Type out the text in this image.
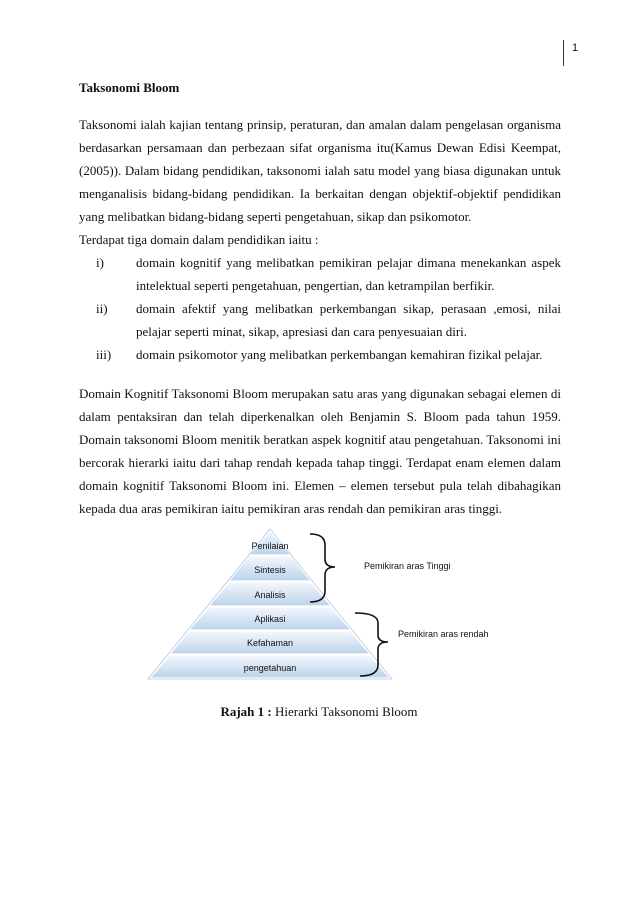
1
Taksonomi Bloom

Taksonomi ialah kajian tentang prinsip, peraturan, dan amalan dalam pengelasan organisma berdasarkan persamaan dan perbezaan sifat organisma itu(Kamus Dewan Edisi Keempat, (2005)). Dalam bidang pendidikan, taksonomi ialah satu model yang biasa digunakan untuk menganalisis bidang-bidang pendidikan. Ia berkaitan dengan objektif-objektif pendidikan yang melibatkan bidang-bidang seperti pengetahuan, sikap dan psikomotor.

Terdapat tiga domain dalam pendidikan iaitu :

i)	domain kognitif yang melibatkan pemikiran pelajar dimana menekankan aspek intelektual seperti pengetahuan, pengertian, dan ketrampilan berfikir.
ii)	domain afektif yang melibatkan perkembangan sikap, perasaan ,emosi, nilai pelajar seperti minat, sikap, apresiasi dan cara penyesuaian diri.
iii)	domain psikomotor yang melibatkan perkembangan kemahiran fizikal pelajar.

Domain Kognitif Taksonomi Bloom merupakan satu aras yang digunakan sebagai elemen di dalam pentaksiran dan telah diperkenalkan oleh Benjamin S. Bloom pada tahun 1959. Domain taksonomi Bloom menitik beratkan aspek kognitif atau pengetahuan. Taksonomi ini bercorak hierarki iaitu dari tahap rendah kepada tahap tinggi. Terdapat enam elemen dalam domain kognitif Taksonomi Bloom ini. Elemen – elemen tersebut pula telah dibahagikan kepada dua aras pemikiran iaitu pemikiran aras rendah dan pemikiran aras tinggi.

Penilaian
Sintesis
Analisis
Aplikasi
Kefahaman
pengetahuan
Pemikiran aras Tinggi
Pemikiran aras rendah
Rajah 1 : Hierarki Taksonomi Bloom
